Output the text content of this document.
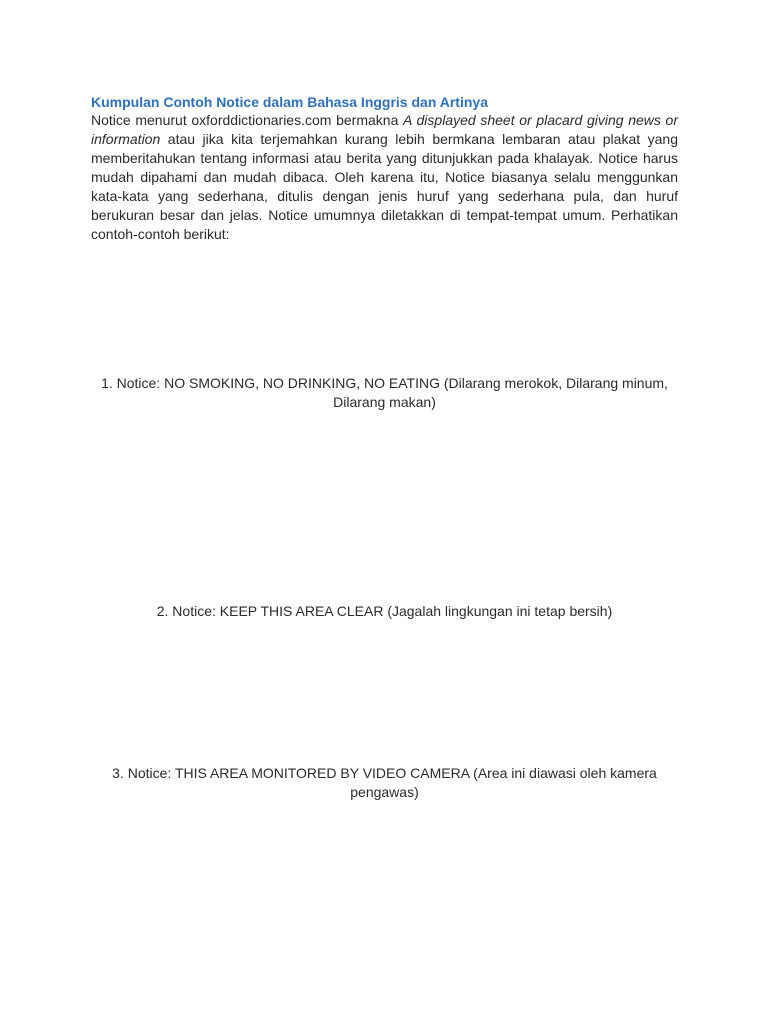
Kumpulan Contoh Notice dalam Bahasa Inggris dan Artinya

Notice menurut oxforddictionaries.com bermakna A displayed sheet or placard giving news or information atau jika kita terjemahkan kurang lebih bermkana lembaran atau plakat yang memberitahukan tentang informasi atau berita yang ditunjukkan pada khalayak. Notice harus mudah dipahami dan mudah dibaca. Oleh karena itu, Notice biasanya selalu menggunkan kata-kata yang sederhana, ditulis dengan jenis huruf yang sederhana pula, dan huruf berukuran besar dan jelas. Notice umumnya diletakkan di tempat-tempat umum. Perhatikan contoh-contoh berikut:

1. Notice: NO SMOKING, NO DRINKING, NO EATING (Dilarang merokok, Dilarang minum, Dilarang makan)

2. Notice: KEEP THIS AREA CLEAR (Jagalah lingkungan ini tetap bersih)

3. Notice: THIS AREA MONITORED BY VIDEO CAMERA (Area ini diawasi oleh kamera pengawas)
